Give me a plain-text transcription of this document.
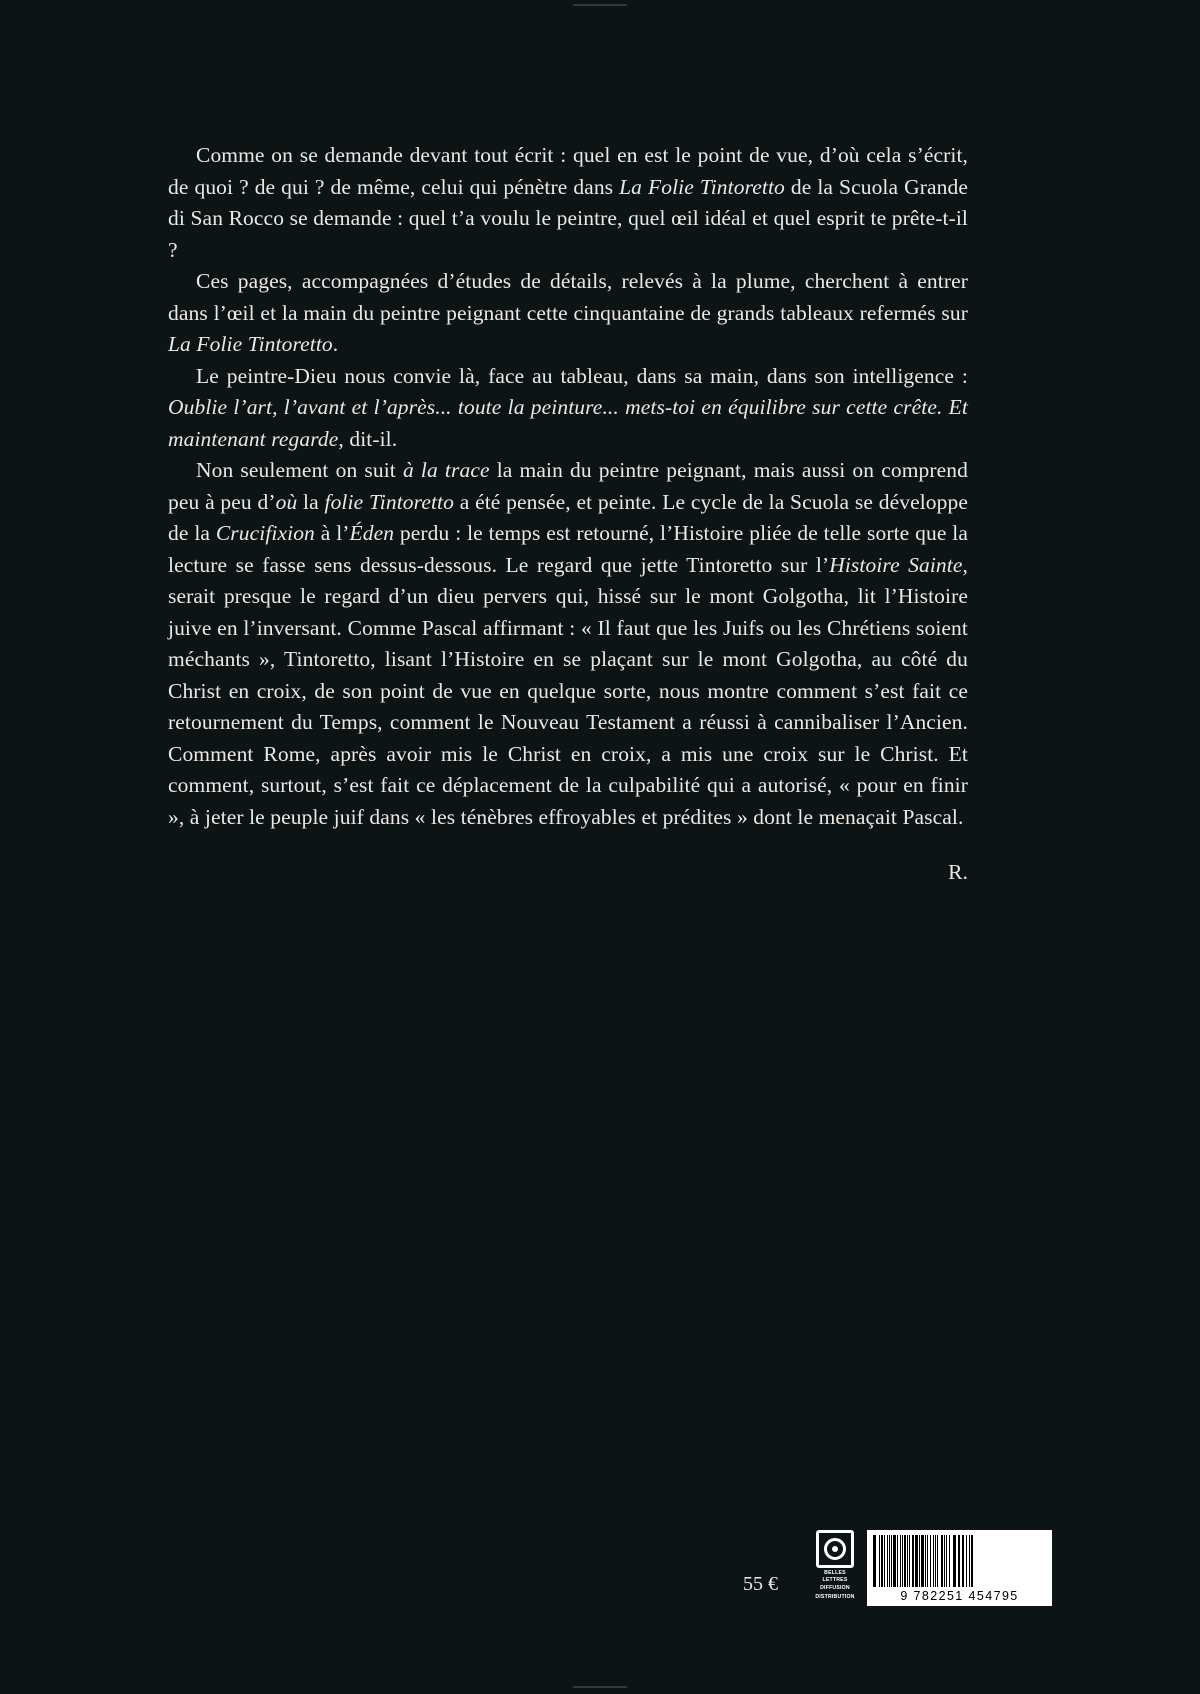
Comme on se demande devant tout écrit : quel en est le point de vue, d’où cela s’écrit, de quoi ? de qui ? de même, celui qui pénètre dans La Folie Tintoretto de la Scuola Grande di San Rocco se demande : quel t’a voulu le peintre, quel œil idéal et quel esprit te prête-t-il ?

Ces pages, accompagnées d’études de détails, relevés à la plume, cherchent à entrer dans l’œil et la main du peintre peignant cette cinquantaine de grands tableaux refermés sur La Folie Tintoretto.

Le peintre-Dieu nous convie là, face au tableau, dans sa main, dans son intelligence : Oublie l’art, l’avant et l’après... toute la peinture... mets-toi en équilibre sur cette crête. Et maintenant regarde, dit-il.

Non seulement on suit à la trace la main du peintre peignant, mais aussi on comprend peu à peu d’où la folie Tintoretto a été pensée, et peinte. Le cycle de la Scuola se développe de la Crucifixion à l’Éden perdu : le temps est retourné, l’Histoire pliée de telle sorte que la lecture se fasse sens dessus-dessous. Le regard que jette Tintoretto sur l’Histoire Sainte, serait presque le regard d’un dieu pervers qui, hissé sur le mont Golgotha, lit l’Histoire juive en l’inversant. Comme Pascal affirmant : « Il faut que les Juifs ou les Chrétiens soient méchants », Tintoretto, lisant l’Histoire en se plaçant sur le mont Golgotha, au côté du Christ en croix, de son point de vue en quelque sorte, nous montre comment s’est fait ce retournement du Temps, comment le Nouveau Testament a réussi à cannibaliser l’Ancien. Comment Rome, après avoir mis le Christ en croix, a mis une croix sur le Christ. Et comment, surtout, s’est fait ce déplacement de la culpabilité qui a autorisé, « pour en finir », à jeter le peuple juif dans « les ténèbres effroyables et prédites » dont le menaçait Pascal.

R.

55 €	BELLES LETTRES
DIFFUSION
DISTRIBUTION	9 782251 454795
